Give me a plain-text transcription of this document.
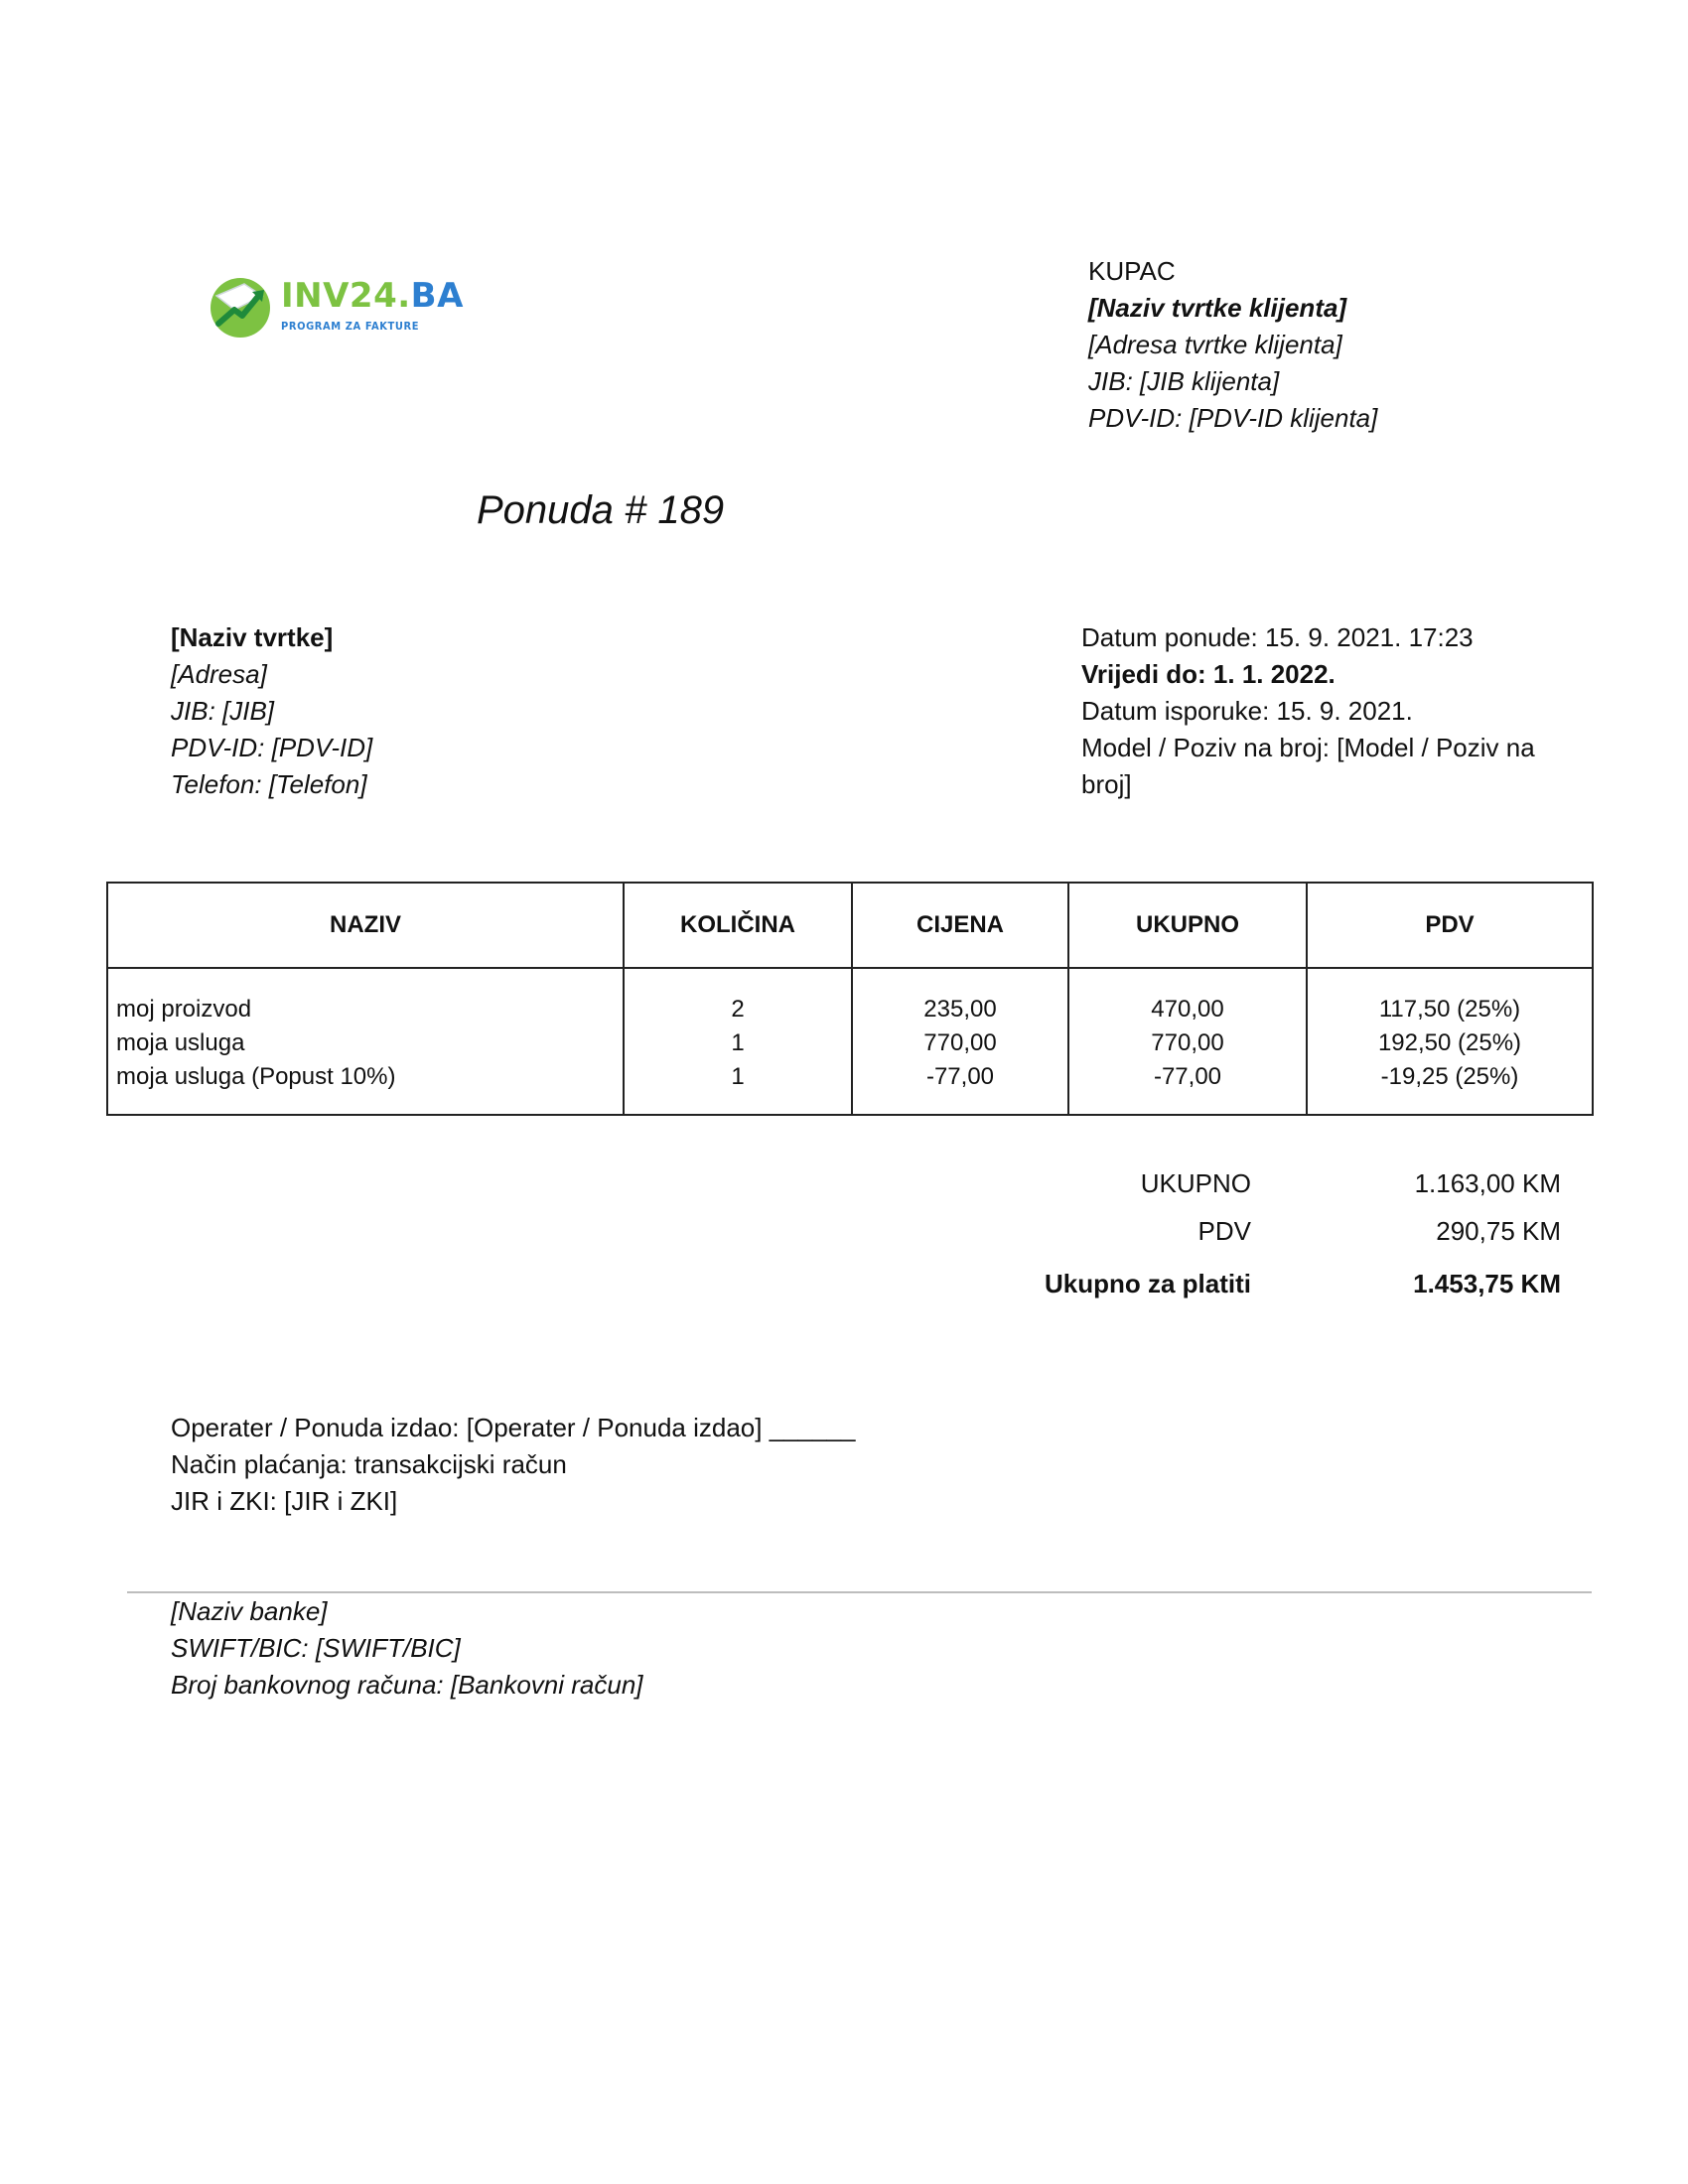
INV24.BA
PROGRAM ZA FAKTURE
KUPAC
[Naziv tvrtke klijenta]
[Adresa tvrtke klijenta]
JIB: [JIB klijenta]
PDV-ID: [PDV-ID klijenta]
Ponuda # 189
[Naziv tvrtke]
[Adresa]
JIB: [JIB]
PDV-ID: [PDV-ID]
Telefon: [Telefon]
Datum ponude: 15. 9. 2021. 17:23
Vrijedi do: 1. 1. 2022.
Datum isporuke: 15. 9. 2021.
Model / Poziv na broj: [Model / Poziv na broj]
NAZIV	KOLIČINA	CIJENA	UKUPNO	PDV
moj proizvod	2	235,00	470,00	117,50 (25%)
moja usluga	1	770,00	770,00	192,50 (25%)
moja usluga (Popust 10%)	1	-77,00	-77,00	-19,25 (25%)
UKUPNO	1.163,00 KM
PDV	290,75 KM
Ukupno za platiti	1.453,75 KM
Operater / Ponuda izdao: [Operater / Ponuda izdao] ______
Način plaćanja: transakcijski račun
JIR i ZKI: [JIR i ZKI]
[Naziv banke]
SWIFT/BIC: [SWIFT/BIC]
Broj bankovnog računa: [Bankovni račun]
